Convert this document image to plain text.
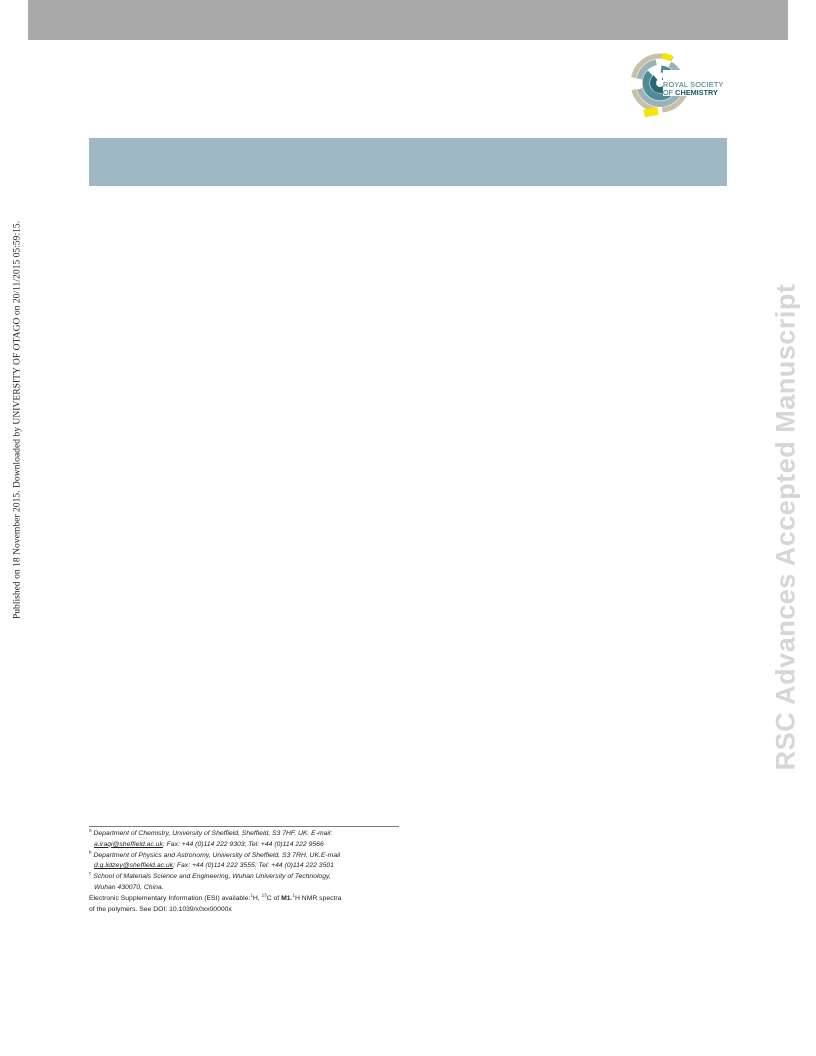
ROYAL SOCIETY
OF CHEMISTRY
Published on 18 November 2015. Downloaded by UNIVERSITY OF OTAGO on 20/11/2015 05:59:15.	RSC Advances Accepted Manuscript

$^a$ Department of Chemistry, University of Sheffield, Sheffield, S3 7HF, UK. E-mail:
a.iraqi@sheffield.ac.uk; Fax: +44 (0)114 222 9303; Tel: +44 (0)114 222 9566

$^b$ Department of Physics and Astronomy, University of Sheffield, S3 7RH, UK.E-mail
d.g.lidzey@sheffield.ac.uk; Fax: +44 (0)114 222 3555; Tel: +44 (0)114 222 3501

$^c$ School of Materials Science and Engineering, Wuhan University of Technology,
Wuhan 430070, China.

Electronic Supplementary Information (ESI) available:$^1$H, $^{13}$C of M1.$^1$H NMR spectra
of the polymers. See DOI: 10.1039/x0xx00000x
